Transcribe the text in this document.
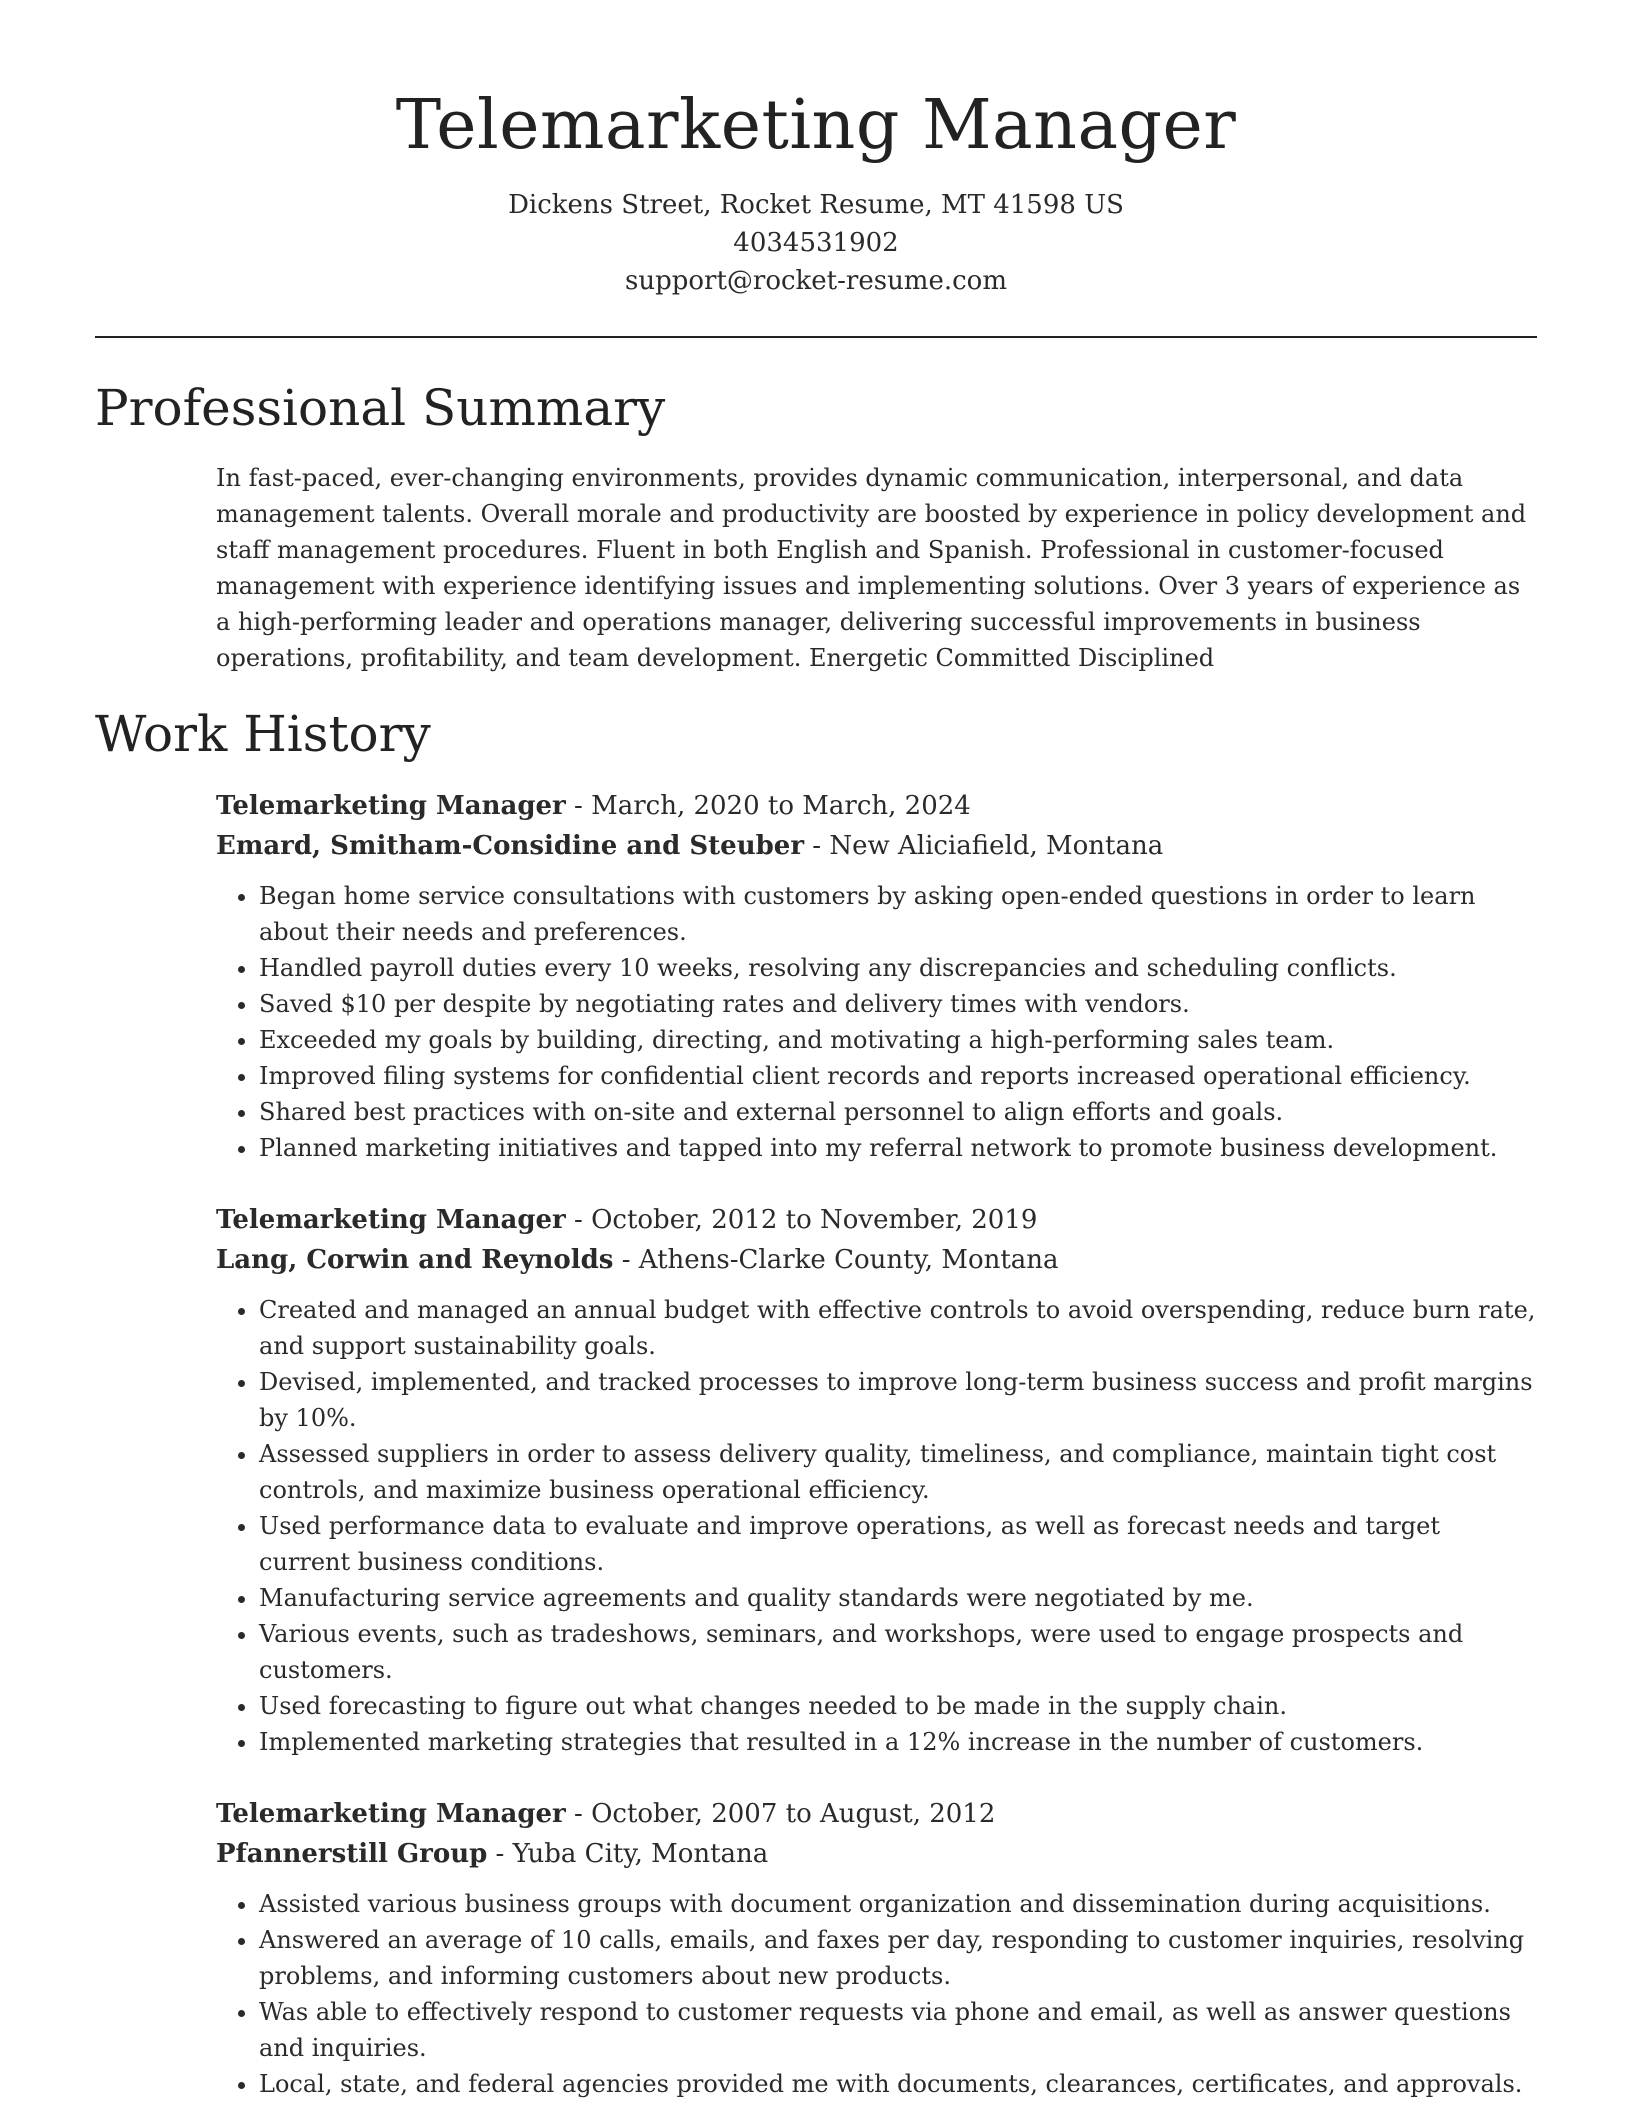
Telemarketing Manager
Dickens Street, Rocket Resume, MT 41598 US
4034531902
support@rocket-resume.com
Professional Summary
In fast-paced, ever-changing environments, provides dynamic communication, interpersonal, and data management talents. Overall morale and productivity are boosted by experience in policy development and staff management procedures. Fluent in both English and Spanish. Professional in customer-focused management with experience identifying issues and implementing solutions. Over 3 years of experience as a high-performing leader and operations manager, delivering successful improvements in business operations, profitability, and team development. Energetic Committed Disciplined
Work History
Telemarketing Manager - March, 2020 to March, 2024
Emard, Smitham-Considine and Steuber - New Aliciafield, Montana
• Began home service consultations with customers by asking open-ended questions in order to learn about their needs and preferences.
• Handled payroll duties every 10 weeks, resolving any discrepancies and scheduling conflicts.
• Saved $10 per despite by negotiating rates and delivery times with vendors.
• Exceeded my goals by building, directing, and motivating a high-performing sales team.
• Improved filing systems for confidential client records and reports increased operational efficiency.
• Shared best practices with on-site and external personnel to align efforts and goals.
• Planned marketing initiatives and tapped into my referral network to promote business development.
Telemarketing Manager - October, 2012 to November, 2019
Lang, Corwin and Reynolds - Athens-Clarke County, Montana
• Created and managed an annual budget with effective controls to avoid overspending, reduce burn rate, and support sustainability goals.
• Devised, implemented, and tracked processes to improve long-term business success and profit margins by 10%.
• Assessed suppliers in order to assess delivery quality, timeliness, and compliance, maintain tight cost controls, and maximize business operational efficiency.
• Used performance data to evaluate and improve operations, as well as forecast needs and target current business conditions.
• Manufacturing service agreements and quality standards were negotiated by me.
• Various events, such as tradeshows, seminars, and workshops, were used to engage prospects and customers.
• Used forecasting to figure out what changes needed to be made in the supply chain.
• Implemented marketing strategies that resulted in a 12% increase in the number of customers.
Telemarketing Manager - October, 2007 to August, 2012
Pfannerstill Group - Yuba City, Montana
• Assisted various business groups with document organization and dissemination during acquisitions.
• Answered an average of 10 calls, emails, and faxes per day, responding to customer inquiries, resolving problems, and informing customers about new products.
• Was able to effectively respond to customer requests via phone and email, as well as answer questions and inquiries.
• Local, state, and federal agencies provided me with documents, clearances, certificates, and approvals.
